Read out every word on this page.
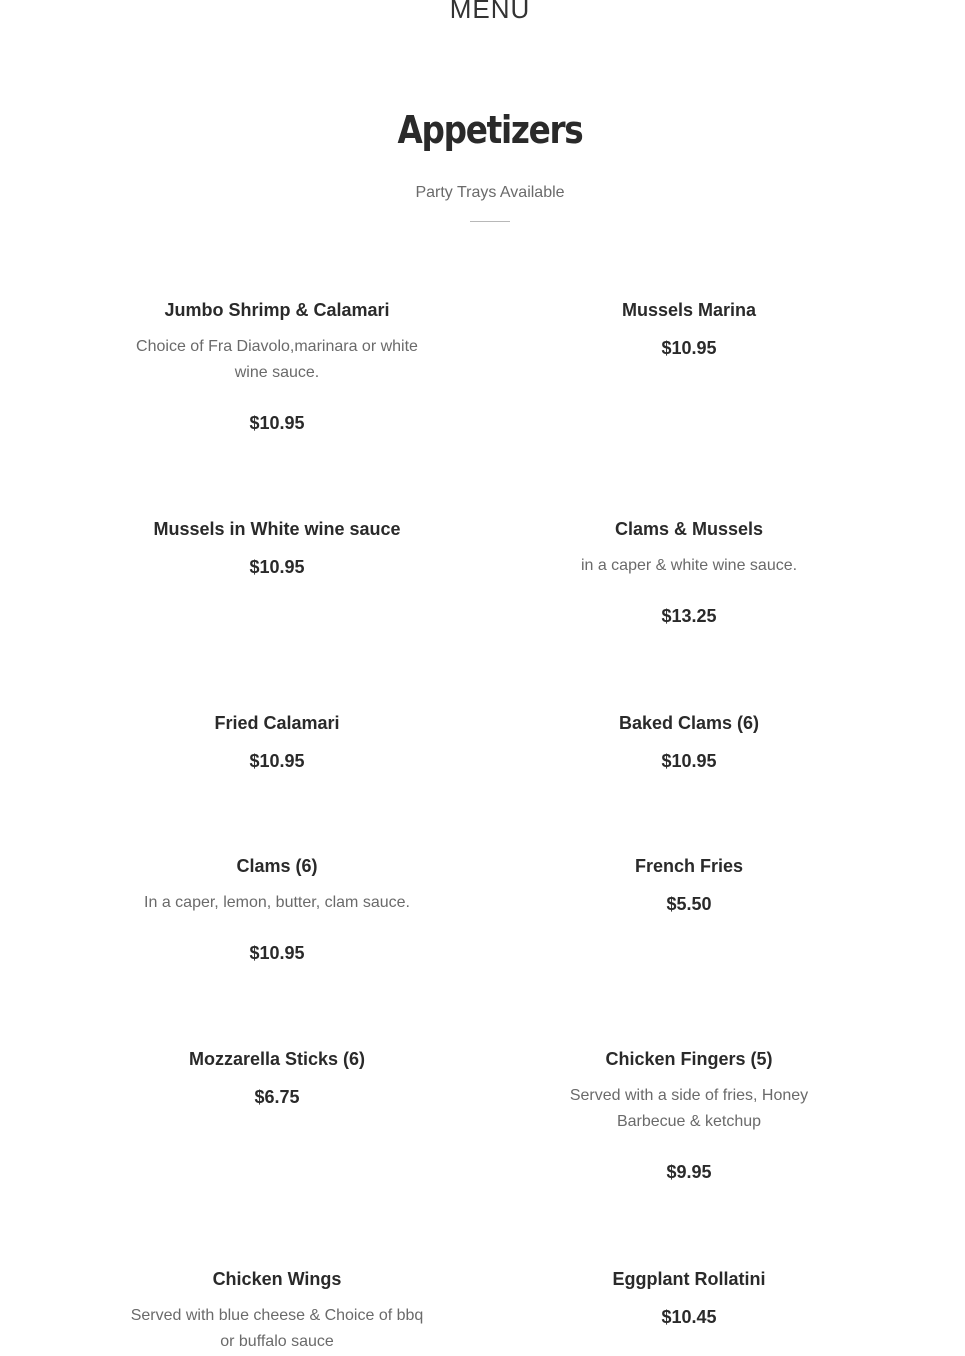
MENU
Appetizers
Party Trays Available
Jumbo Shrimp & Calamari
Choice of Fra Diavolo,marinara or white wine sauce.
$10.95
Mussels Marina
$10.95
Mussels in White wine sauce
$10.95
Clams & Mussels
in a caper & white wine sauce.
$13.25
Fried Calamari
$10.95
Baked Clams (6)
$10.95
Clams (6)
In a caper, lemon, butter, clam sauce.
$10.95
French Fries
$5.50
Mozzarella Sticks (6)
$6.75
Chicken Fingers (5)
Served with a side of fries, Honey Barbecue & ketchup
$9.95
Chicken Wings
Served with blue cheese & Choice of bbq or buffalo sauce
Eggplant Rollatini
$10.45
